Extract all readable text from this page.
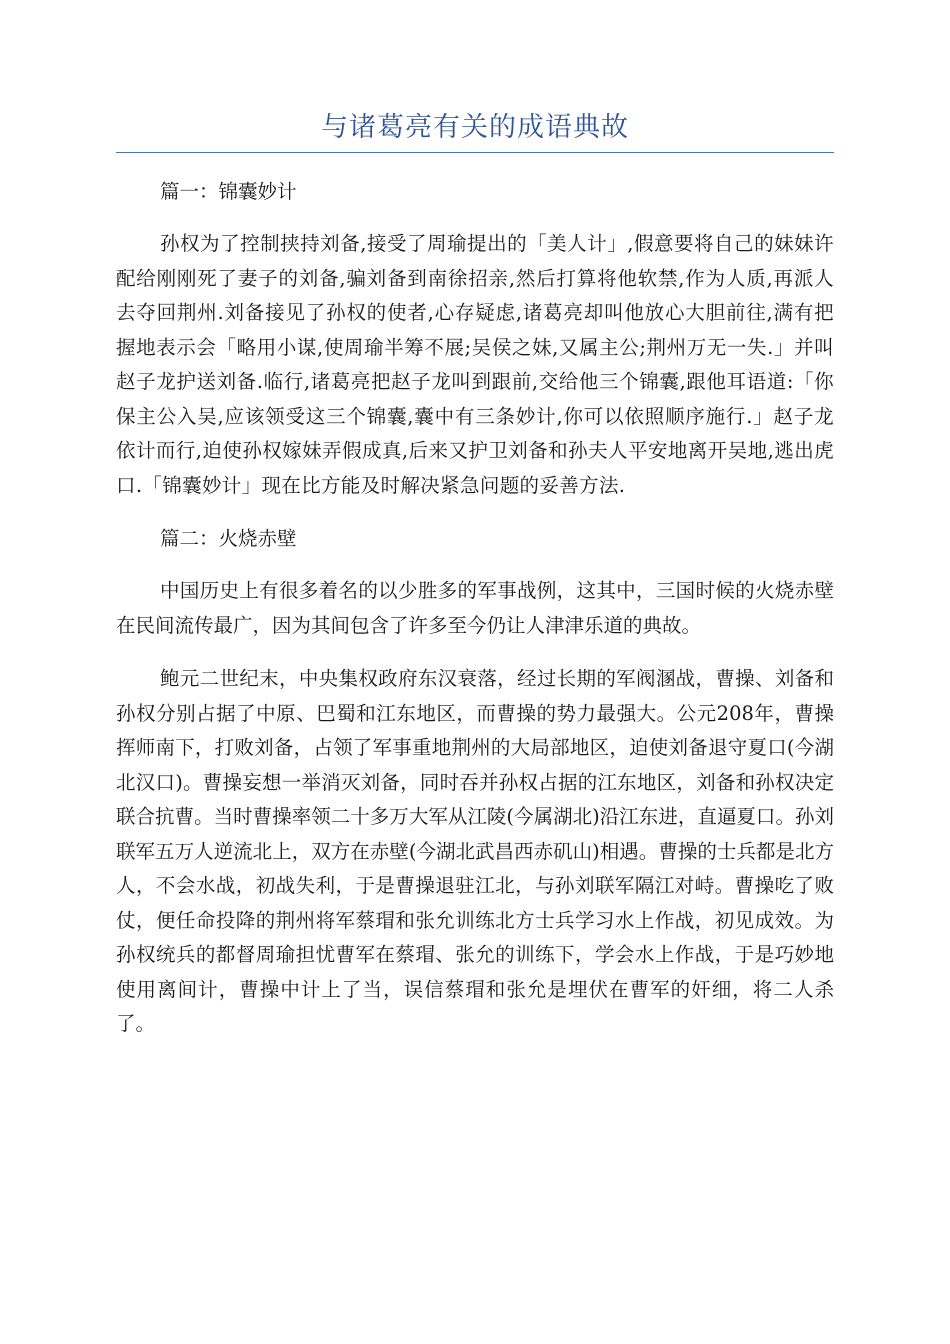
与诸葛亮有关的成语典故
篇一：锦囊妙计

孙权为了控制挟持刘备,接受了周瑜提出的「美人计」,假意要将自己的妹妹许配给刚刚死了妻子的刘备,骗刘备到南徐招亲,然后打算将他软禁,作为人质,再派人去夺回荆州.刘备接见了孙权的使者,心存疑虑,诸葛亮却叫他放心大胆前往,满有把握地表示会「略用小谋,使周瑜半筹不展;吴侯之妹,又属主公;荆州万无一失.」并叫赵子龙护送刘备.临行,诸葛亮把赵子龙叫到跟前,交给他三个锦囊,跟他耳语道:「你保主公入吴,应该领受这三个锦囊,囊中有三条妙计,你可以依照顺序施行.」赵子龙依计而行,迫使孙权嫁妹弄假成真,后来又护卫刘备和孙夫人平安地离开吴地,逃出虎口.「锦囊妙计」现在比方能及时解决紧急问题的妥善方法.

篇二：火烧赤壁

中国历史上有很多着名的以少胜多的军事战例，这其中，三国时候的火烧赤壁在民间流传最广，因为其间包含了许多至今仍让人津津乐道的典故。

鲍元二世纪末，中央集权政府东汉衰落，经过长期的军阀溷战，曹操、刘备和孙权分别占据了中原、巴蜀和江东地区，而曹操的势力最强大。公元208年，曹操挥师南下，打败刘备，占领了军事重地荆州的大局部地区，迫使刘备退守夏口(今湖北汉口)。曹操妄想一举消灭刘备，同时吞并孙权占据的江东地区，刘备和孙权决定联合抗曹。当时曹操率领二十多万大军从江陵(今属湖北)沿江东进，直逼夏口。孙刘联军五万人逆流北上，双方在赤壁(今湖北武昌西赤矶山)相遇。曹操的士兵都是北方人，不会水战，初战失利，于是曹操退驻江北，与孙刘联军隔江对峙。曹操吃了败仗，便任命投降的荆州将军蔡瑁和张允训练北方士兵学习水上作战，初见成效。为孙权统兵的都督周瑜担忧曹军在蔡瑁、张允的训练下，学会水上作战，于是巧妙地使用离间计，曹操中计上了当，误信蔡瑁和张允是埋伏在曹军的奸细，将二人杀了。
